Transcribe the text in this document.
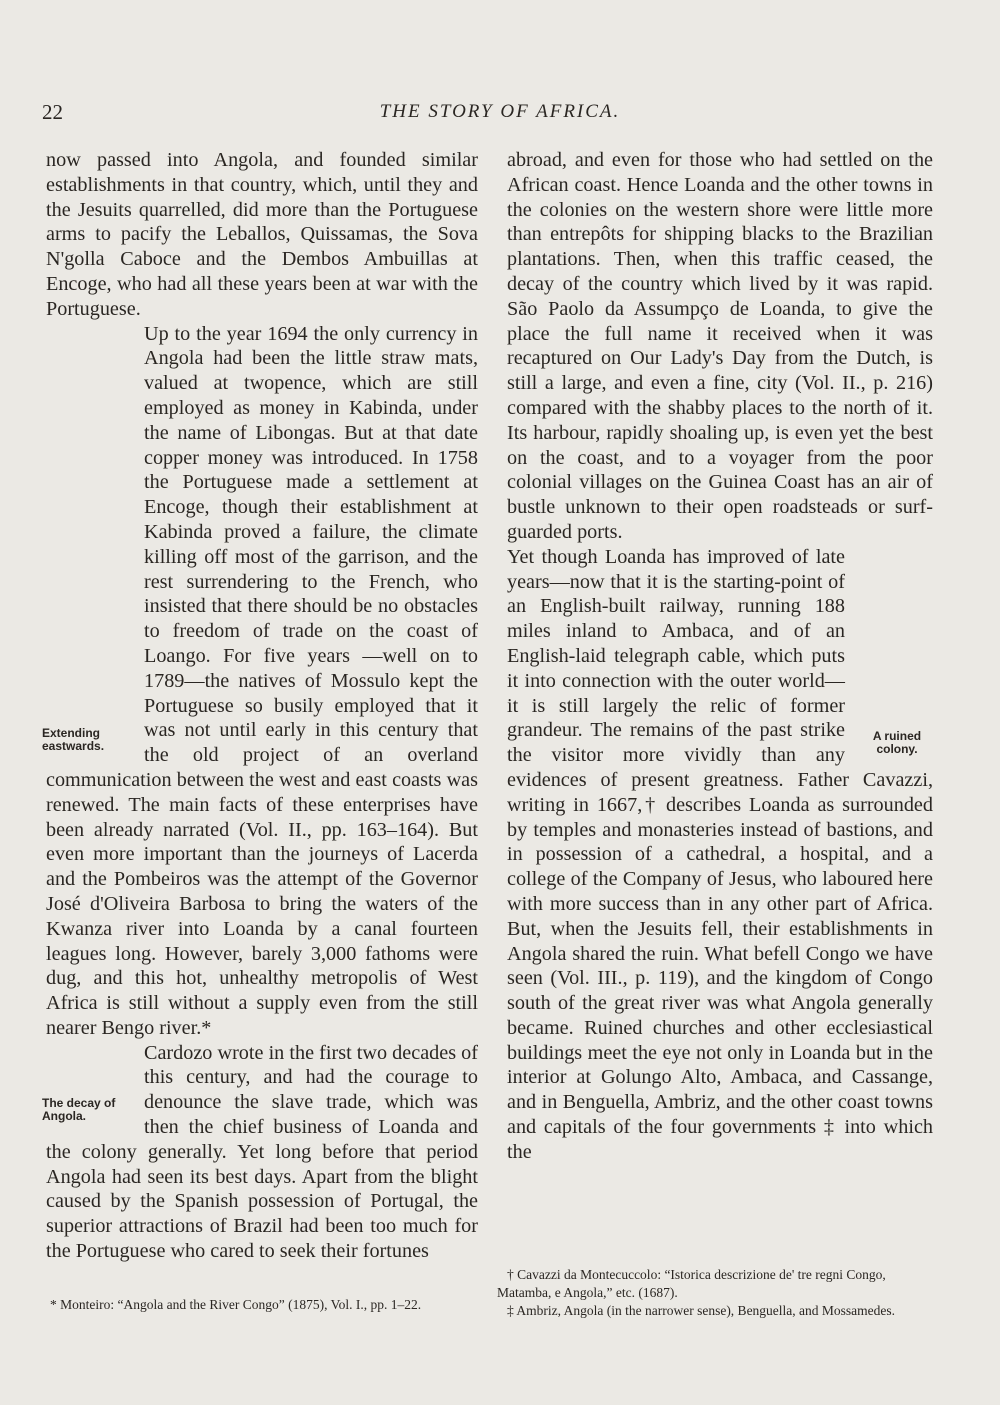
22	THE STORY OF AFRICA.

now passed into Angola, and founded similar establishments in that country, which, until they and the Jesuits quarrelled, did more than the Portuguese arms to pacify the Leballos, Quissamas, the Sova N'golla Caboce and the Dembos Ambuillas at Encoge, who had all these years been at war with the Portuguese.

Extending eastwards.

Up to the year 1694 the only currency in Angola had been the little straw mats, valued at twopence, which are still employed as money in Kabinda, under the name of Libongas. But at that date copper money was introduced. In 1758 the Portuguese made a settlement at Encoge, though their establishment at Kabinda proved a failure, the climate killing off most of the garrison, and the rest surrendering to the French, who insisted that there should be no obstacles to freedom of trade on the coast of Loango. For five years —well on to 1789—the natives of Mossulo kept the Portuguese so busily employed that it was not until early in this century that the old project of an overland communication between the west and east coasts was renewed. The main facts of these enterprises have been already narrated (Vol. II., pp. 163–164). But even more important than the journeys of Lacerda and the Pombeiros was the attempt of the Governor José d'Oliveira Barbosa to bring the waters of the Kwanza river into Loanda by a canal fourteen leagues long. However, barely 3,000 fathoms were dug, and this hot, unhealthy metropolis of West Africa is still without a supply even from the still nearer Bengo river.*

The decay of Angola.

Cardozo wrote in the first two decades of this century, and had the courage to denounce the slave trade, which was then the chief business of Loanda and the colony generally. Yet long before that period Angola had seen its best days. Apart from the blight caused by the Spanish possession of Portugal, the superior attractions of Brazil had been too much for the Portuguese who cared to seek their fortunes

* Monteiro: “Angola and the River Congo” (1875), Vol. I., pp. 1–22.

abroad, and even for those who had settled on the African coast. Hence Loanda and the other towns in the colonies on the western shore were little more than entrepôts for shipping blacks to the Brazilian plantations. Then, when this traffic ceased, the decay of the country which lived by it was rapid. São Paolo da Assumpço de Loanda, to give the place the full name it received when it was recaptured on Our Lady's Day from the Dutch, is still a large, and even a fine, city (Vol. II., p. 216) compared with the shabby places to the north of it. Its harbour, rapidly shoaling up, is even yet the best on the coast, and to a voyager from the poor colonial villages on the Guinea Coast has an air of bustle unknown to their open roadsteads or surf-guarded ports.

A ruined colony.

Yet though Loanda has improved of late years—now that it is the starting-point of an English-built railway, running 188 miles inland to Ambaca, and of an English-laid telegraph cable, which puts it into connection with the outer world—it is still largely the relic of former grandeur. The remains of the past strike the visitor more vividly than any evidences of present greatness. Father Cavazzi, writing in 1667,† describes Loanda as surrounded by temples and monasteries instead of bastions, and in possession of a cathedral, a hospital, and a college of the Company of Jesus, who laboured here with more success than in any other part of Africa. But, when the Jesuits fell, their establishments in Angola shared the ruin. What befell Congo we have seen (Vol. III., p. 119), and the kingdom of Congo south of the great river was what Angola generally became. Ruined churches and other ecclesiastical buildings meet the eye not only in Loanda but in the interior at Golungo Alto, Ambaca, and Cassange, and in Benguella, Ambriz, and the other coast towns and capitals of the four governments ‡ into which the

† Cavazzi da Montecuccolo: “Istorica descrizione de' tre regni Congo, Matamba, e Angola,” etc. (1687).
‡ Ambriz, Angola (in the narrower sense), Benguella, and Mossamedes.
